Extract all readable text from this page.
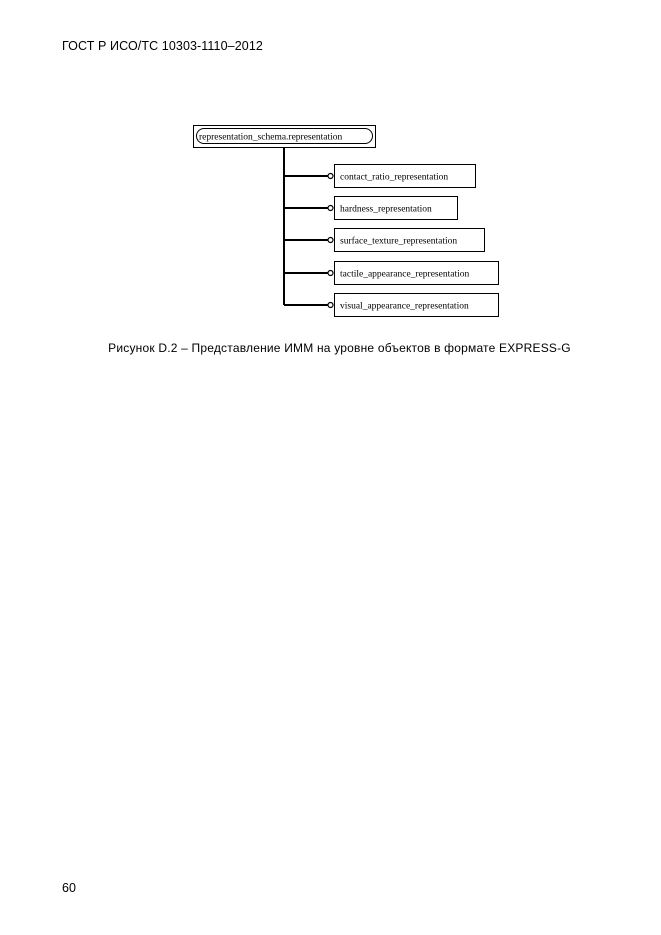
ГОСТ Р ИСО/ТС 10303-1110–2012
representation_schema.representation
contact_ratio_representation
hardness_representation
surface_texture_representation
tactile_appearance_representation
visual_appearance_representation
Рисунок D.2 – Представление ИММ на уровне объектов в формате EXPRESS-G
60
